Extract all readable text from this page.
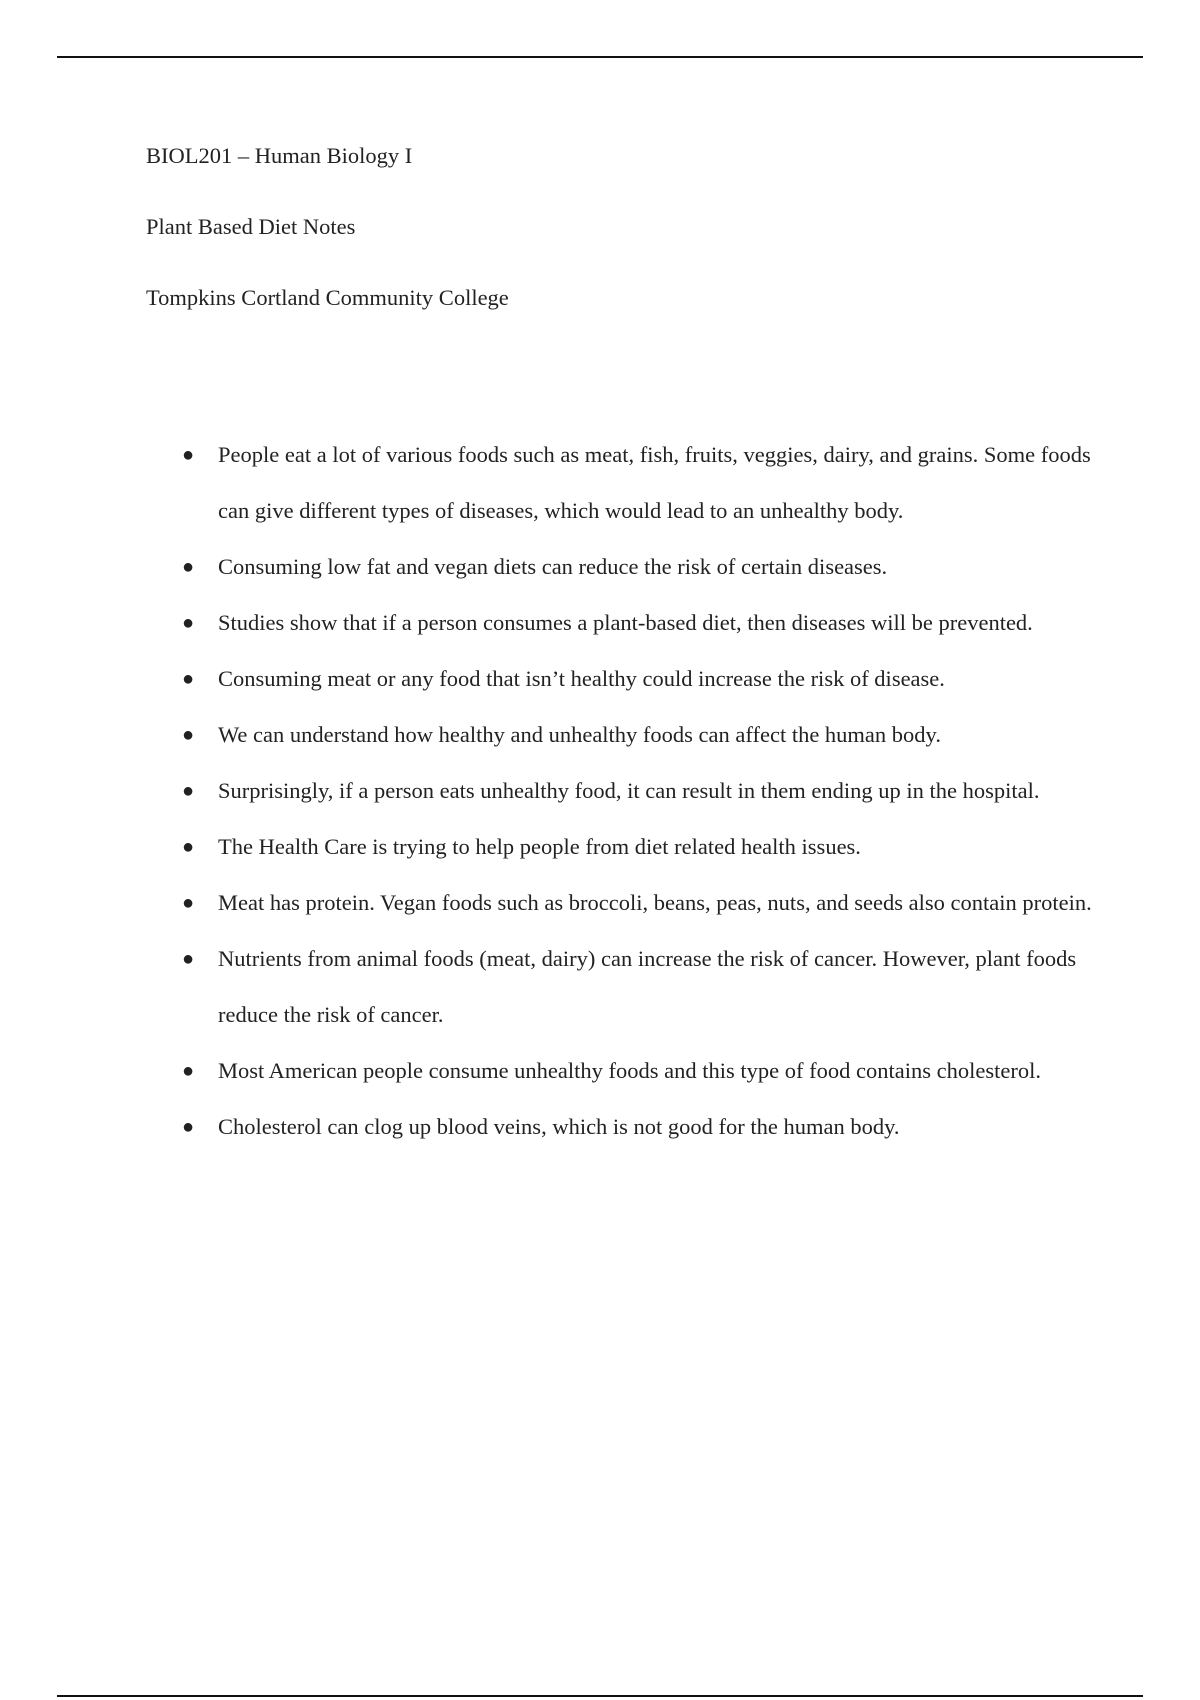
BIOL201 – Human Biology I

Plant Based Diet Notes

Tompkins Cortland Community College

● People eat a lot of various foods such as meat, fish, fruits, veggies, dairy, and grains. Some foods can give different types of diseases, which would lead to an unhealthy body.
● Consuming low fat and vegan diets can reduce the risk of certain diseases.
● Studies show that if a person consumes a plant-based diet, then diseases will be prevented.
● Consuming meat or any food that isn’t healthy could increase the risk of disease.
● We can understand how healthy and unhealthy foods can affect the human body.
● Surprisingly, if a person eats unhealthy food, it can result in them ending up in the hospital.
● The Health Care is trying to help people from diet related health issues.
● Meat has protein. Vegan foods such as broccoli, beans, peas, nuts, and seeds also contain protein.
● Nutrients from animal foods (meat, dairy) can increase the risk of cancer. However, plant foods reduce the risk of cancer.
● Most American people consume unhealthy foods and this type of food contains cholesterol.
● Cholesterol can clog up blood veins, which is not good for the human body.
